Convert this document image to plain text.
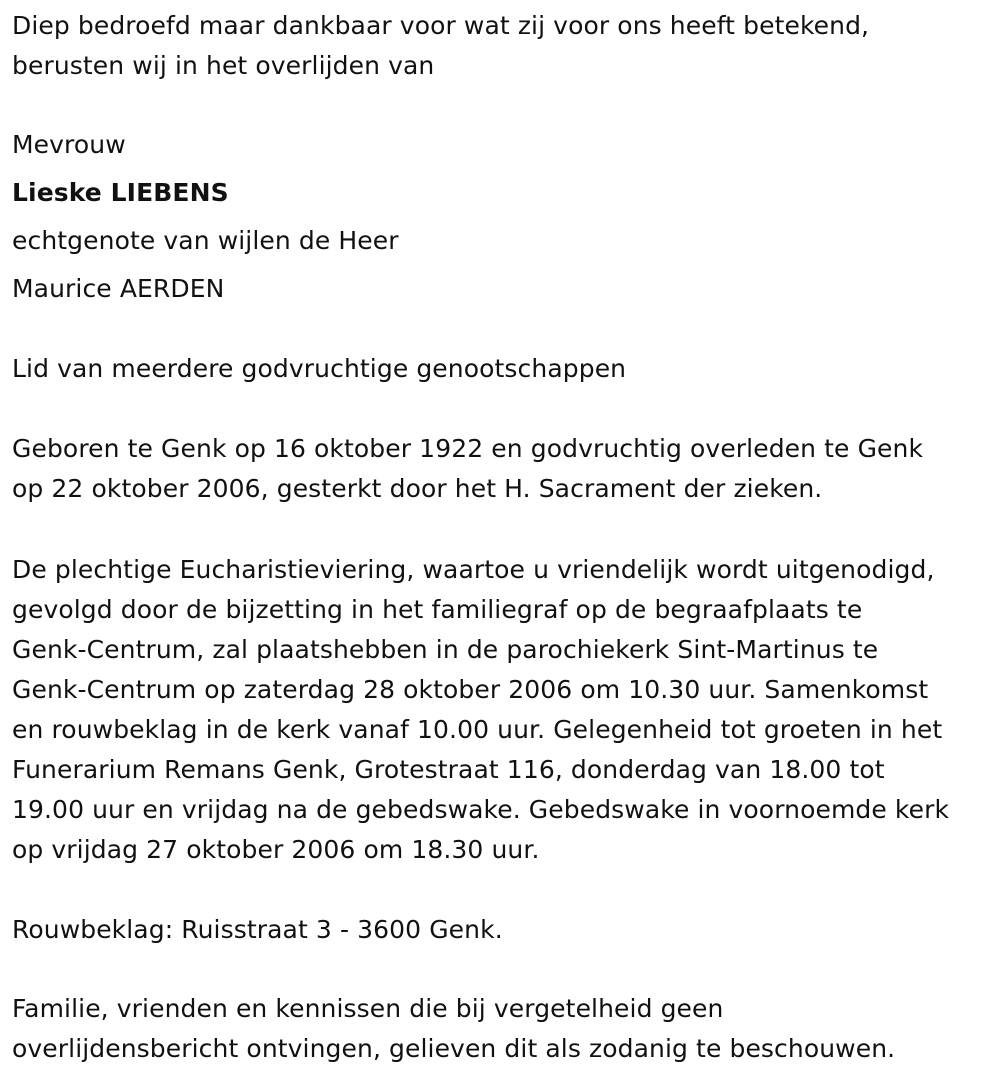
Diep bedroefd maar dankbaar voor wat zij voor ons heeft betekend,
berusten wij in het overlijden van
Mevrouw
Lieske LIEBENS
echtgenote van wijlen de Heer
Maurice AERDEN
Lid van meerdere godvruchtige genootschappen
Geboren te Genk op 16 oktober 1922 en godvruchtig overleden te Genk
op 22 oktober 2006, gesterkt door het H. Sacrament der zieken.
De plechtige Eucharistieviering, waartoe u vriendelijk wordt uitgenodigd,
gevolgd door de bijzetting in het familiegraf op de begraafplaats te
Genk-Centrum, zal plaatshebben in de parochiekerk Sint-Martinus te
Genk-Centrum op zaterdag 28 oktober 2006 om 10.30 uur. Samenkomst
en rouwbeklag in de kerk vanaf 10.00 uur. Gelegenheid tot groeten in het
Funerarium Remans Genk, Grotestraat 116, donderdag van 18.00 tot
19.00 uur en vrijdag na de gebedswake. Gebedswake in voornoemde kerk
op vrijdag 27 oktober 2006 om 18.30 uur.
Rouwbeklag: Ruisstraat 3 - 3600 Genk.
Familie, vrienden en kennissen die bij vergetelheid geen
overlijdensbericht ontvingen, gelieven dit als zodanig te beschouwen.
